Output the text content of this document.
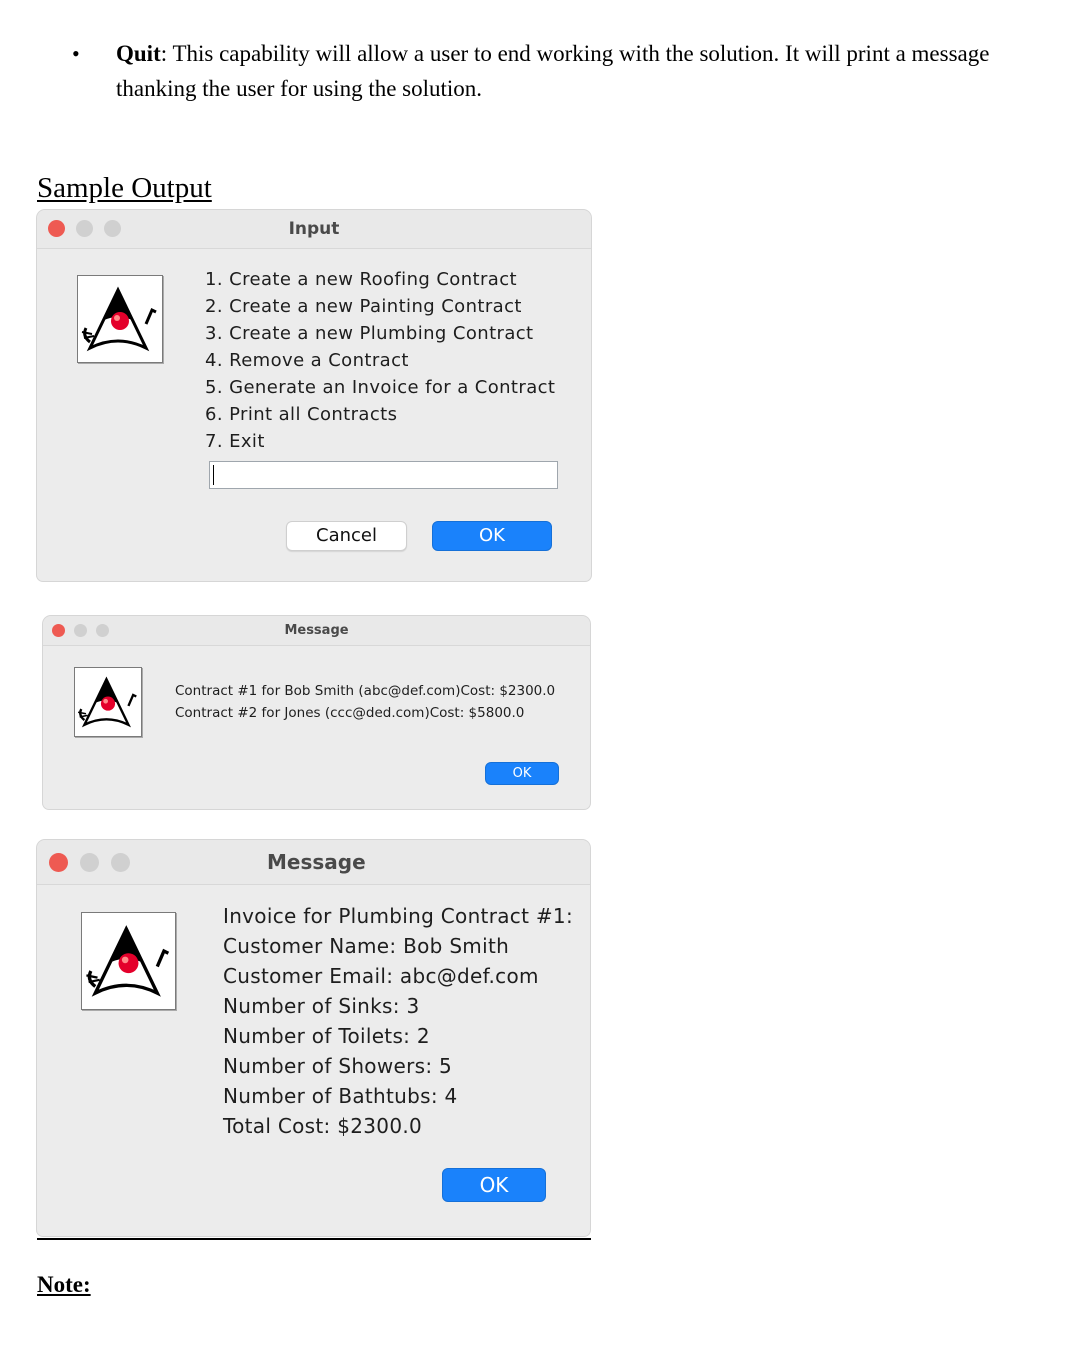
• Quit: This capability will allow a user to end working with the solution. It will print a message thanking the user for using the solution.
Sample Output
Input
1. Create a new Roofing Contract
2. Create a new Painting Contract
3. Create a new Plumbing Contract
4. Remove a Contract
5. Generate an Invoice for a Contract
6. Print all Contracts
7. Exit
Cancel	OK
Message
Contract #1 for Bob Smith (abc@def.com)Cost: $2300.0
Contract #2 for Jones (ccc@ded.com)Cost: $5800.0
OK
Message
Invoice for Plumbing Contract #1:
Customer Name: Bob Smith
Customer Email: abc@def.com
Number of Sinks: 3
Number of Toilets: 2
Number of Showers: 5
Number of Bathtubs: 4
Total Cost: $2300.0
OK
Note:
